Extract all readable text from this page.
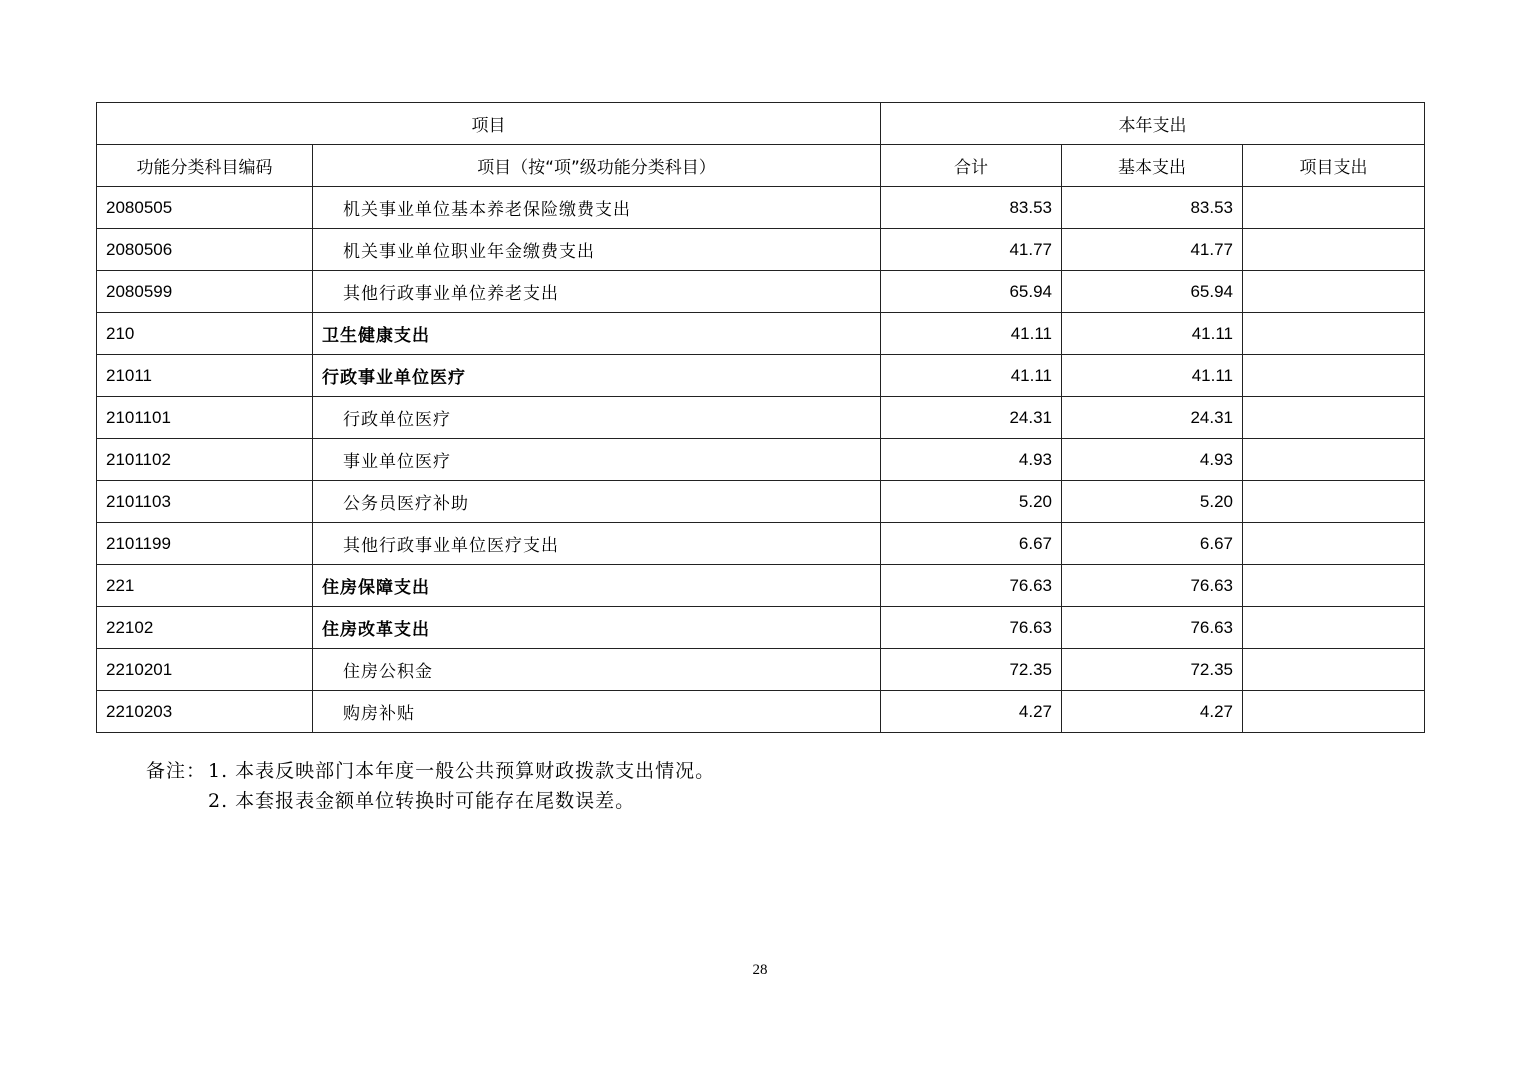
项目		本年支出		
功能分类科目编码	项目（按“项”级功能分类科目）	合计	基本支出	项目支出
2080505	机关事业单位基本养老保险缴费支出	83.53	83.53	
2080506	机关事业单位职业年金缴费支出	41.77	41.77	
2080599	其他行政事业单位养老支出	65.94	65.94	
210	卫生健康支出	41.11	41.11	
21011	行政事业单位医疗	41.11	41.11	
2101101	行政单位医疗	24.31	24.31	
2101102	事业单位医疗	4.93	4.93	
2101103	公务员医疗补助	5.20	5.20	
2101199	其他行政事业单位医疗支出	6.67	6.67	
221	住房保障支出	76.63	76.63	
22102	住房改革支出	76.63	76.63	
2210201	住房公积金	72.35	72.35	
2210203	购房补贴	4.27	4.27	
备注： 1. 本表反映部门本年度一般公共预算财政拨款支出情况。
2. 本套报表金额单位转换时可能存在尾数误差。
28
